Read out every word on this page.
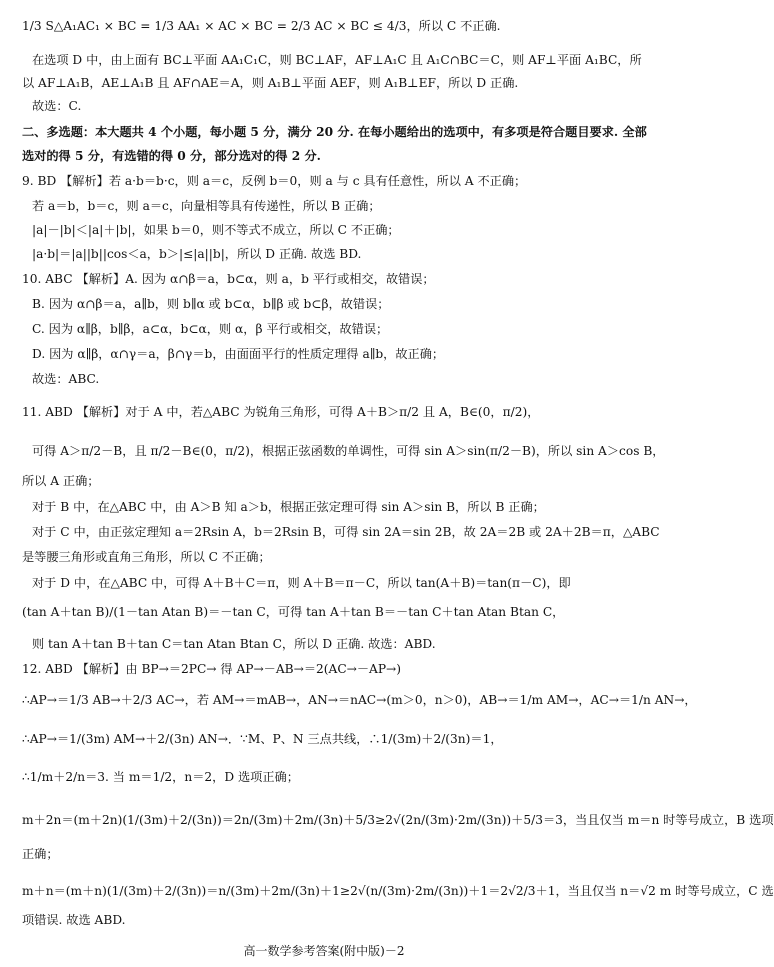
1/3 S△A₁AC₁ × BC = 1/3 AA₁ × AC × BC = 2/3 AC × BC ≤ 4/3，所以 C 不正确.
在选项 D 中，由上面有 BC⊥平面 AA₁C₁C，则 BC⊥AF，AF⊥A₁C 且 A₁C∩BC＝C，则 AF⊥平面 A₁BC，所
以 AF⊥A₁B，AE⊥A₁B 且 AF∩AE＝A，则 A₁B⊥平面 AEF，则 A₁B⊥EF，所以 D 正确.
故选：C.
二、多选题：本大题共 4 个小题，每小题 5 分，满分 20 分. 在每小题给出的选项中，有多项是符合题目要求. 全部
选对的得 5 分，有选错的得 0 分，部分选对的得 2 分.
9. BD 【解析】若 a·b＝b·c，则 a＝c，反例 b＝0，则 a 与 c 具有任意性，所以 A 不正确；
若 a＝b，b＝c，则 a＝c，向量相等具有传递性，所以 B 正确；
|a|－|b|＜|a|＋|b|，如果 b＝0，则不等式不成立，所以 C 不正确；
|a·b|＝|a||b||cos＜a，b＞|≤|a||b|，所以 D 正确. 故选 BD.
10. ABC 【解析】A. 因为 α∩β＝a，b⊂α，则 a，b 平行或相交，故错误；
B. 因为 α∩β＝a，a∥b，则 b∥α 或 b⊂α，b∥β 或 b⊂β，故错误；
C. 因为 α∥β，b∥β，a⊂α，b⊂α，则 α，β 平行或相交，故错误；
D. 因为 α∥β，α∩γ＝a，β∩γ＝b，由面面平行的性质定理得 a∥b，故正确；
故选：ABC.
11. ABD 【解析】对于 A 中，若△ABC 为锐角三角形，可得 A＋B＞π/2 且 A，B∈(0，π/2)，
可得 A＞π/2－B，且 π/2－B∈(0，π/2)，根据正弦函数的单调性，可得 sin A＞sin(π/2－B)，所以 sin A＞cos B，
所以 A 正确；
对于 B 中，在△ABC 中，由 A＞B 知 a＞b，根据正弦定理可得 sin A＞sin B，所以 B 正确；
对于 C 中，由正弦定理知 a＝2Rsin A，b＝2Rsin B，可得 sin 2A＝sin 2B，故 2A＝2B 或 2A＋2B＝π，△ABC
是等腰三角形或直角三角形，所以 C 不正确；
对于 D 中，在△ABC 中，可得 A＋B＋C＝π，则 A＋B＝π－C，所以 tan(A＋B)＝tan(π－C)，即
(tan A＋tan B)/(1－tan Atan B)＝－tan C，可得 tan A＋tan B＝－tan C＋tan Atan Btan C，
则 tan A＋tan B＋tan C＝tan Atan Btan C，所以 D 正确. 故选：ABD.
12. ABD 【解析】由 BP→＝2PC→ 得 AP→－AB→＝2(AC→－AP→)
∴AP→＝1/3 AB→＋2/3 AC→，若 AM→＝mAB→，AN→＝nAC→(m＞0，n＞0)，AB→＝1/m AM→，AC→＝1/n AN→，
∴AP→＝1/(3m) AM→＋2/(3n) AN→．∵M、P、N 三点共线，∴1/(3m)＋2/(3n)＝1，
∴1/m＋2/n＝3. 当 m＝1/2，n＝2，D 选项正确；
m＋2n＝(m＋2n)(1/(3m)＋2/(3n))＝2n/(3m)＋2m/(3n)＋5/3≥2√(2n/(3m)·2m/(3n))＋5/3＝3，当且仅当 m＝n 时等号成立，B 选项
正确；
m＋n＝(m＋n)(1/(3m)＋2/(3n))＝n/(3m)＋2m/(3n)＋1≥2√(n/(3m)·2m/(3n))＋1＝2√2/3＋1，当且仅当 n＝√2 m 时等号成立，C 选
项错误. 故选 ABD.
高一数学参考答案(附中版)－2
